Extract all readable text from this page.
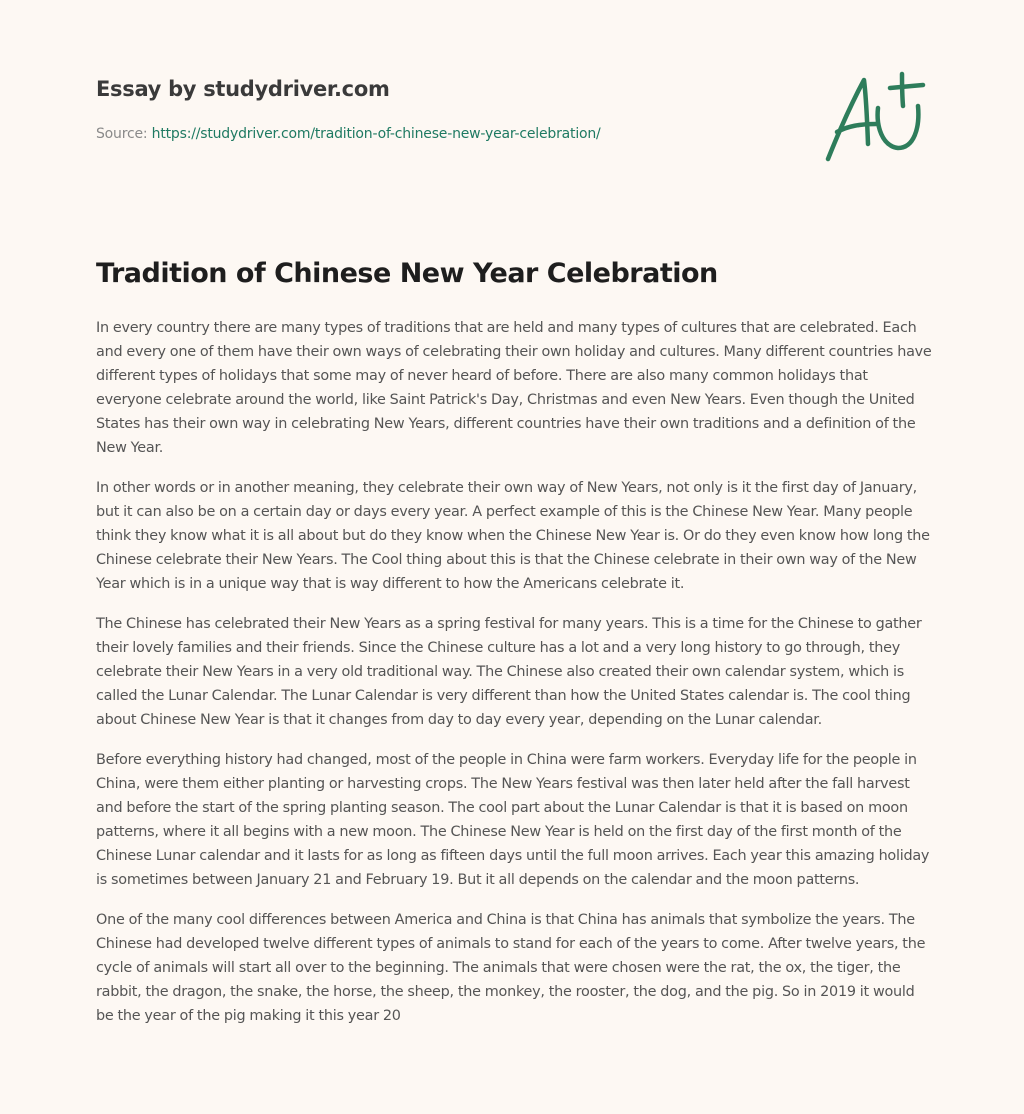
Essay by studydriver.com
Source: https://studydriver.com/tradition-of-chinese-new-year-celebration/
Tradition of Chinese New Year Celebration

In every country there are many types of traditions that are held and many types of cultures that are celebrated. Each and every one of them have their own ways of celebrating their own holiday and cultures. Many different countries have different types of holidays that some may of never heard of before. There are also many common holidays that everyone celebrate around the world, like Saint Patrick's Day, Christmas and even New Years. Even though the United States has their own way in celebrating New Years, different countries have their own traditions and a definition of the New Year.

In other words or in another meaning, they celebrate their own way of New Years, not only is it the first day of January, but it can also be on a certain day or days every year. A perfect example of this is the Chinese New Year. Many people think they know what it is all about but do they know when the Chinese New Year is. Or do they even know how long the Chinese celebrate their New Years. The Cool thing about this is that the Chinese celebrate in their own way of the New Year which is in a unique way that is way different to how the Americans celebrate it.

The Chinese has celebrated their New Years as a spring festival for many years. This is a time for the Chinese to gather their lovely families and their friends. Since the Chinese culture has a lot and a very long history to go through, they celebrate their New Years in a very old traditional way. The Chinese also created their own calendar system, which is called the Lunar Calendar. The Lunar Calendar is very different than how the United States calendar is. The cool thing about Chinese New Year is that it changes from day to day every year, depending on the Lunar calendar.

Before everything history had changed, most of the people in China were farm workers. Everyday life for the people in China, were them either planting or harvesting crops. The New Years festival was then later held after the fall harvest and before the start of the spring planting season. The cool part about the Lunar Calendar is that it is based on moon patterns, where it all begins with a new moon. The Chinese New Year is held on the first day of the first month of the Chinese Lunar calendar and it lasts for as long as fifteen days until the full moon arrives. Each year this amazing holiday is sometimes between January 21 and February 19. But it all depends on the calendar and the moon patterns.

One of the many cool differences between America and China is that China has animals that symbolize the years. The Chinese had developed twelve different types of animals to stand for each of the years to come. After twelve years, the cycle of animals will start all over to the beginning. The animals that were chosen were the rat, the ox, the tiger, the rabbit, the dragon, the snake, the horse, the sheep, the monkey, the rooster, the dog, and the pig. So in 2019 it would be the year of the pig making it this year 20
